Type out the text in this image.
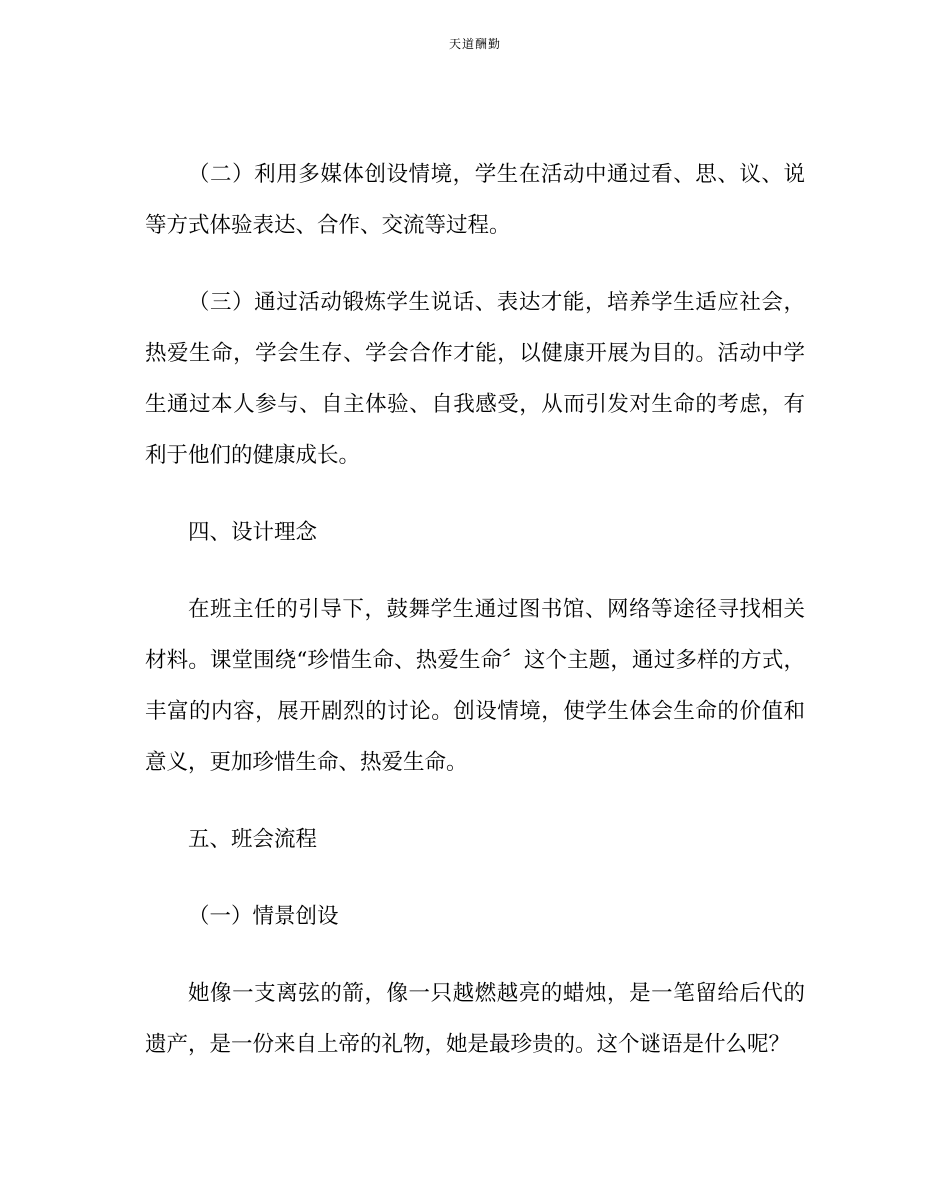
天道酬勤

（二）利用多媒体创设情境，学生在活动中通过看、思、议、说
等方式体验表达、合作、交流等过程。

（三）通过活动锻炼学生说话、表达才能，培养学生适应社会，
热爱生命，学会生存、学会合作才能，以健康开展为目的。活动中学
生通过本人参与、自主体验、自我感受，从而引发对生命的考虑，有
利于他们的健康成长。

四、设计理念

在班主任的引导下，鼓舞学生通过图书馆、网络等途径寻找相关
材料。课堂围绕“珍惜生命、热爱生命〞这个主题，通过多样的方式，
丰富的内容，展开剧烈的讨论。创设情境，使学生体会生命的价值和
意义，更加珍惜生命、热爱生命。

五、班会流程

（一）情景创设

她像一支离弦的箭，像一只越燃越亮的蜡烛，是一笔留给后代的
遗产，是一份来自上帝的礼物，她是最珍贵的。这个谜语是什么呢？
